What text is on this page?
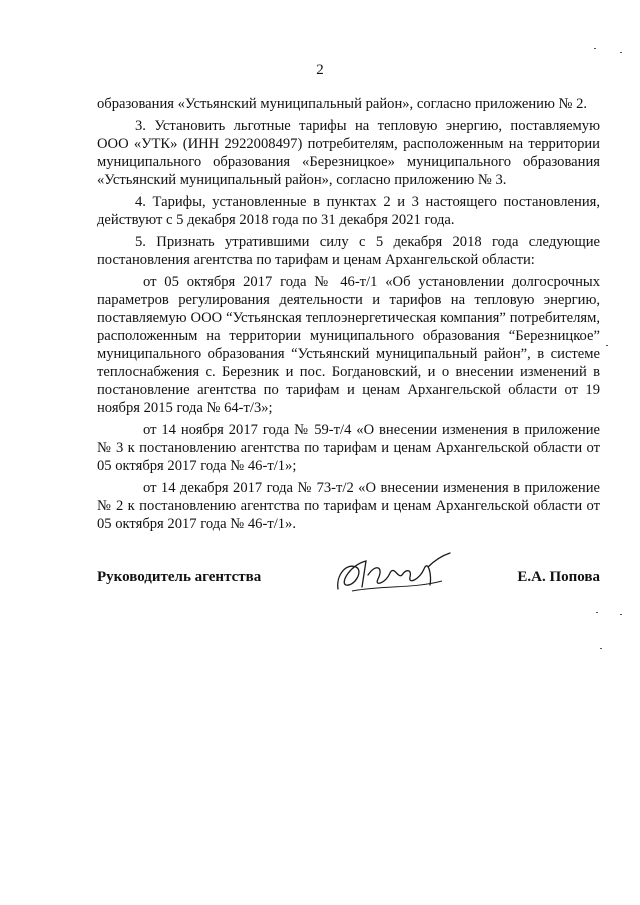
2

образования «Устьянский муниципальный район», согласно приложению № 2.

3. Установить льготные тарифы на тепловую энергию, поставляемую ООО «УТК» (ИНН 2922008497) потребителям, расположенным на территории муниципального образования «Березницкое» муниципального образования «Устьянский муниципальный район», согласно приложению № 3.

4. Тарифы, установленные в пунктах 2 и 3 настоящего постановления, действуют с 5 декабря 2018 года по 31 декабря 2021 года.

5. Признать утратившими силу с 5 декабря 2018 года следующие постановления агентства по тарифам и ценам Архангельской области:

от 05 октября 2017 года № 46-т/1 «Об установлении долгосрочных параметров регулирования деятельности и тарифов на тепловую энергию, поставляемую ООО “Устьянская теплоэнергетическая компания” потребителям, расположенным на территории муниципального образования “Березницкое” муниципального образования “Устьянский муниципальный район”, в системе теплоснабжения с. Березник и пос. Богдановский, и о внесении изменений в постановление агентства по тарифам и ценам Архангельской области от 19 ноября 2015 года № 64-т/3»;

от 14 ноября 2017 года № 59-т/4 «О внесении изменения в приложение № 3 к постановлению агентства по тарифам и ценам Архангельской области от 05 октября 2017 года № 46-т/1»;

от 14 декабря 2017 года № 73-т/2 «О внесении изменения в приложение № 2 к постановлению агентства по тарифам и ценам Архангельской области от 05 октября 2017 года № 46-т/1».

Руководитель агентства	Е.А. Попова
